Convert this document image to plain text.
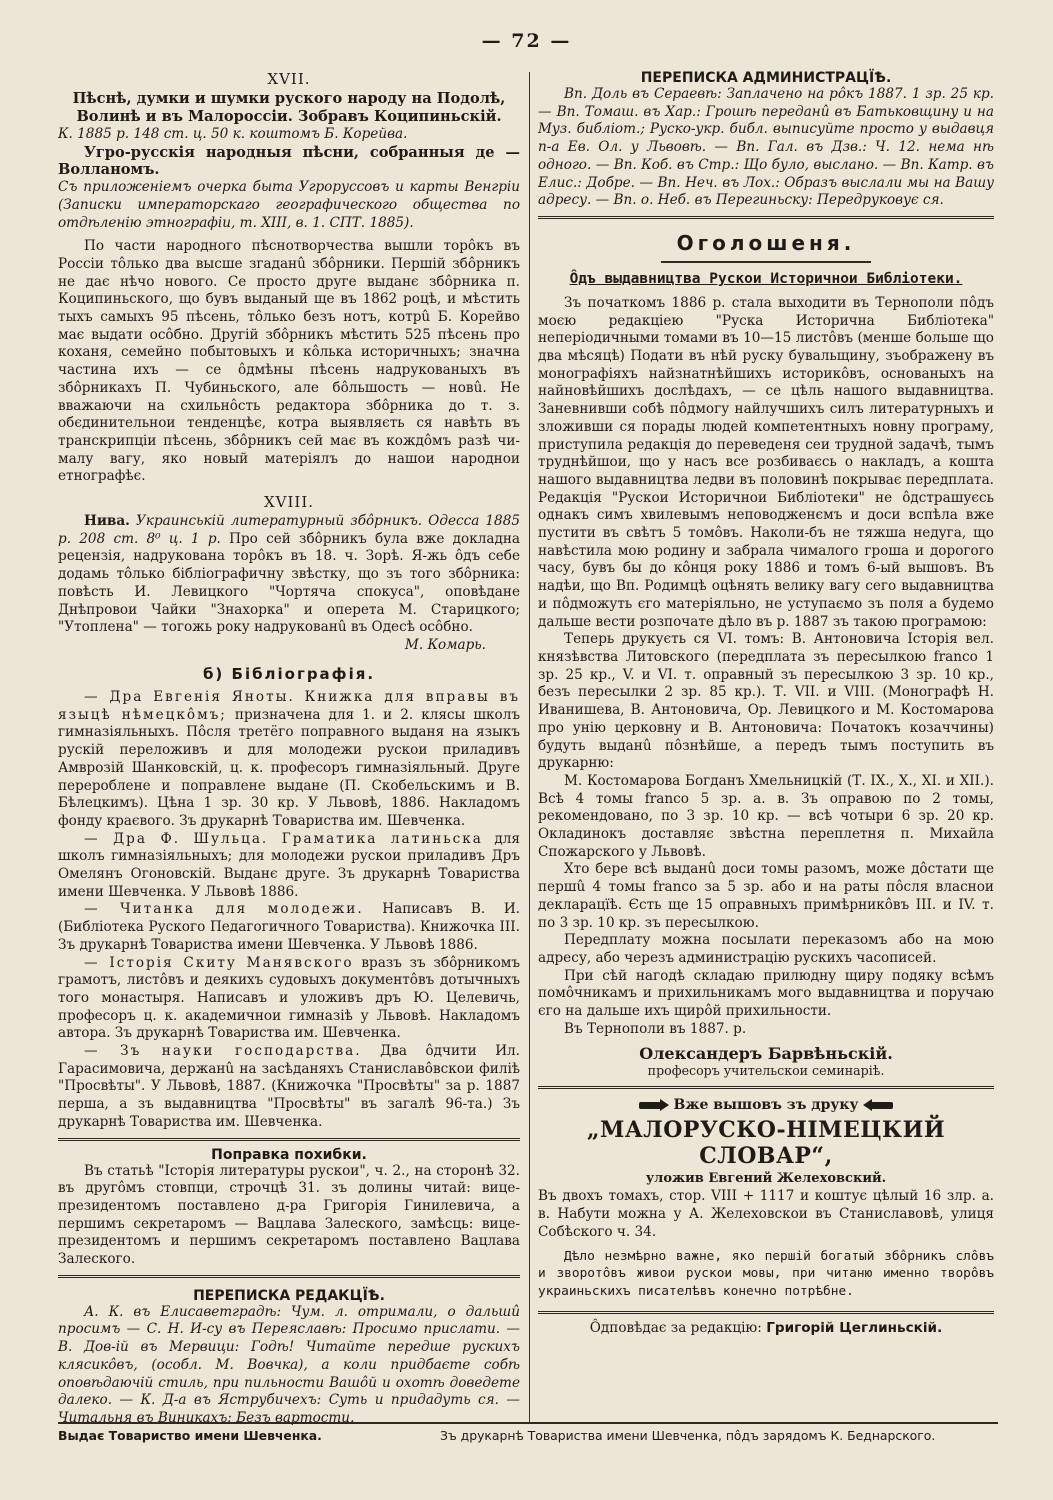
— 72 —
XVII.

Пѣснѣ, думки и шумки руского народу на Подолѣ, Волинѣ и въ Малороссіи. Зобравъ Коципиньскій.

К. 1885 р. 148 ст. ц. 50 к. коштомъ Б. Корейва.

Угро-русскія народныя пѣсни, собранныя де — Волланомъ.

Съ приложеніемъ очерка быта Угроруссовъ и карты Венгріи (Записки императорскаго географического общества по отдѣленію этнографіи, т. XIII, в. 1. СПТ. 1885).

По части народного пѣснотворчества вышли торôкъ въ Россіи тôлько два высше згаданû збôрники. Першій збôрникъ не дає нѣчо нового. Се просто друге выданє збôрника п. Коципиньского, що бувъ выданый ще въ 1862 роцѣ, и мѣстить тыхъ самыхъ 95 пѣсень, тôлько безъ нотъ, котрû Б. Корейво має выдати осôбно. Другій збôрникъ мѣстить 525 пѣсень про коханя, семейно побытовыхъ и кôлька историчныхъ; значна частина ихъ — се ôдмѣны пѣсень надрукованыхъ въ збôрникахъ П. Чубиньского, але бôльшость — новû. Не вважаючи на схильнôсть редактора збôрника до т. з. обєдинительнои тенденцѣє, котра выявляєть ся навѣть въ транскрипціи пѣсень, збôрникъ сей має въ кождôмъ разѣ чи-малу вагу, яко новый матеріялъ до нашои народнои етнографѣє.

XVIII.

Нива. Украинськiй литературный збôрникъ. Одесса 1885 р. 208 ст. 8⁰ ц. 1 р. Про сей збôрникъ була вже докладна рецензія, надрукована торôкъ въ 18. ч. Зорѣ. Я-жь ôдъ себе додамь тôлько бібліографичну звѣстку, що зъ того збôрника: повѣсть И. Левицкого "Чортяча спокуса", оповѣдане Днѣпровои Чайки "Знахорка" и оперета М. Старицкого; "Утоплена" — тогожь року надрукованû въ Одесѣ осôбно.

М. Комарь.
б) Бібліографія.

— Дра Евгенія Яноты. Книжка для вправы въ языцѣ нѣмецкôмъ; призначена для 1. и 2. клясы школъ гимназіяльныхъ. Пôсля третёго поправного выданя на языкъ рускій переложивъ и для молодежи рускои приладивъ Амврозій Шанковскій, ц. к. професоръ гимназіяльный. Друге перероблене и поправлене выдане (П. Скобельскимъ и В. Бѣлецкимъ). Цѣна 1 зр. 30 кр. У Львовѣ, 1886. Накладомъ фонду краєвого. Зъ друкарнѣ Товариства им. Шевченка.

— Дра Ф. Шульца. Граматика латиньска для школъ гимназіяльныхъ; для молодежи рускои приладивъ Дръ Омелянъ Огоновскій. Выданє друге. Зъ друкарнѣ Товариства имени Шевченка. У Львовѣ 1886.

— Читанка для молодежи. Написавъ В. И. (Библіотека Руского Педагогичного Товариства). Книжочка III. Зъ друкарнѣ Товариства имени Шевченка. У Львовѣ 1886.

— Історія Скиту Манявского вразъ зъ збôрникомъ грамотъ, листôвъ и деякихъ судовыхъ документôвъ дотычныхъ того монастыря. Написавъ и уложивъ дръ Ю. Целевичь, професоръ ц. к. академичнои гимназіѣ у Львовѣ. Накладомъ автора. Зъ друкарнѣ Товариства им. Шевченка.

— Зъ науки господарства. Два ôдчити Ил. Гарасимовича, держанû на засѣданяхъ Станиславôвскои филіѣ "Просвѣты". У Львовѣ, 1887. (Книжочка "Просвѣты" за р. 1887 перша, а зъ выдавництва "Просвѣты" въ загалѣ 96-та.) Зъ друкарнѣ Товариства им. Шевченка.

Поправка похибки.

Въ статьѣ "Історія литературы рускои", ч. 2., на сторонѣ 32. въ другôмъ стовпци, строчцѣ 31. зъ долины читай: вице-президентомъ поставлено д-ра Григорія Гинилевича, а першимъ секретаромъ — Вацлава Залеского, замѣсць: вице-президентомъ и першимъ секретаромъ поставлено Вацлава Залеского.

ПЕРЕПИСКА РЕДАКЦЇѢ.

А. К. въ Елисаветградѣ: Чум. л. отримали, о дальшû просимъ — С. Н. И-су въ Переяславѣ: Просимо прислати. — В. Дов-ій въ Мервици: Годѣ! Читайте передше рускихъ клясикôвъ, (особл. М. Вовчка), а коли придбаєте собѣ оповѣдаючій стиль, при пильности Вашôй и охотѣ доведете далеко. — К. Д-а въ Яструбичехъ: Суть и придадуть ся. — Читальня въ Виникахъ: Безъ вартости.

ПЕРЕПИСКА АДМИНИСТРАЦЇѢ.

Вп. Доль въ Сераевѣ: Заплачено на рôкъ 1887. 1 зр. 25 кр. — Вп. Томаш. въ Хар.: Грошѣ переданû въ Батьковщину и на Муз. библіот.; Руско-укр. библ. выписуйте просто у выдавця п-а Ев. Ол. у Львовѣ. — Вп. Гал. въ Дзв.: Ч. 12. нема нѣ одного. — Вп. Коб. въ Стр.: Що було, выслано. — Вп. Катр. въ Елис.: Добре. — Вп. Неч. въ Лох.: Образъ выслали мы на Вашу адресу. — Вп. о. Неб. въ Перегиньску: Передруковує ся.

Оголошеня.
Ôдъ выдавництва Рускои Историчнои Библіотеки.

Зъ початкомъ 1886 р. стала выходити въ Тернополи пôдъ моєю редакціею "Руска Исторична Библіотека" неперіодичными томами въ 10—15 листôвъ (менше больше що два мѣсяцѣ) Подати въ нѣй руску бувальщину, зъображену въ монографіяхъ найзнатнѣйшихъ историкôвъ, основаныхъ на найновѣйшихъ дослѣдахъ, — се цѣль нашого выдавництва. Заневнивши собѣ пôдмогу найлучшихъ силъ литературныхъ и зложивши ся порады людей компетентныхъ новну програму, приступила редакція до переведеня сеи трудной задачѣ, тымъ труднѣйшои, що у насъ все розбиваєсь о накладъ, а кошта нашого выдавництва ледви въ половинѣ покрыває передплата. Редакція "Рускои Историчнои Библіотеки" не ôдстрашуєсь однакъ симъ хвилевымъ неповодженємъ и доси вспѣла вже пустити въ свѣтъ 5 томôвъ. Наколи-бъ не тяжша недуга, що навѣстила мою родину и забрала чималого гроша и дорогого часу, бувъ бы до кôнця року 1886 и томъ 6-ый вышовъ. Въ надѣи, що Вп. Родимцѣ оцѣнять велику вагу сего выдавництва и пôдможуть єго матеріяльно, не уступаємо зъ поля а будемо дальше вести розпочате дѣло въ р. 1887 зъ такою програмою:

Теперь друкуєть ся VI. томъ: В. Антоновича Історія вел. князѣвства Литовского (передплата зъ пересылкою franco 1 зр. 25 кр., V. и VI. т. оправный зъ пересылкою 3 зр. 10 кр., безъ пересылки 2 зр. 85 кр.). Т. VII. и VIII. (Монографѣ Н. Иванишева, В. Антоновича, Ор. Левицкого и М. Костомарова про унію церковну и В. Антоновича: Початокъ козаччины) будуть выданû пôзнѣйше, а передъ тымъ поступить въ друкарню:

М. Костомарова Богданъ Хмельницкій (Т. IX., X., XI. и XII.). Всѣ 4 томы franco 5 зр. а. в. Зъ оправою по 2 томы, рекомендовано, по 3 зр. 10 кр. — всѣ чотыри 6 зр. 20 кр. Окладинокъ доставляє звѣстна переплетня п. Михайла Спожарского у Львовѣ.

Хто бере всѣ выданû доси томы разомъ, може дôстати ще першû 4 томы franco за 5 зр. або и на раты пôсля власнои декларацїѣ. Єсть ще 15 оправныхъ примѣрникôвъ III. и IV. т. по 3 зр. 10 кр. зъ пересылкою.

Передплату можна посылати переказомъ або на мою адресу, або черезъ администрацію рускихъ часописей.

При сѣй нагодѣ складаю прилюдну щиру подяку всѣмъ помôчникамъ и прихильникамъ мого выдавництва и поручаю єго на дальше ихъ щирôй прихильности.

Въ Тернополи въ 1887. р.

Олександеръ Барвѣньскій.
професоръ учительскои семинаріѣ.
Вже вышовъ зъ друку
„МАЛОРУСКО-НІМЕЦКИЙ СЛОВАР“,
уложив Евгений Желеховский.

Въ двохъ томахъ, стор. VIII + 1117 и коштує цѣлый 16 злр. а. в. Набути можна у А. Желеховскои въ Станиславовѣ, улиця Собѣского ч. 34.

Дѣло незмѣрно важне, яко першій богатый збôрникъ слôвъ и зворотôвъ живои рускои мовы, при читаню именно творôвъ украиньскихъ писателѣвъ конечно потрѣбне.

Ôдповѣдає за редакцію: Григорій Цеглиньскій.
Выдає Товариство имени Шевченка.	Зъ друкарнѣ Товариства имени Шевченка, пôдъ зарядомъ К. Беднарского.
